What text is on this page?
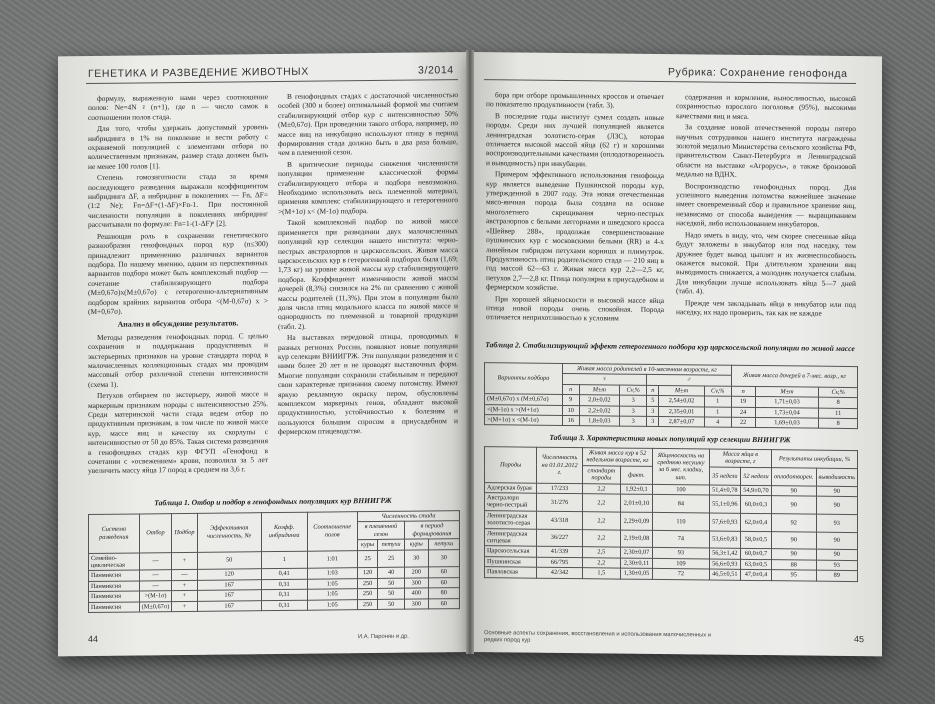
ГЕНЕТИКА И РАЗВЕДЕНИЕ ЖИВОТНЫХ	3/2014

формулу, выраженную нами через соотношение полов: Ne=4N♀(n+1), где n — число самок в соотношении полов стада.

Для того, чтобы удержать допустимый уровень инбридинга в 1% на поколение и вести работу с охраняемой популяцией с элементами отбора по количественным признакам, размер стада должен быть не менее 100 голов [1].

Степень гомозиготности стада за время последующего разведения выражали коэффициентом инбридинга ΔF, а инбридинг в поколениях — Fn, ΔF=(1:2 Ne); Fn=ΔF+(1-ΔF)×Fn-1. При постоянной численности популяции в поколениях инбридинг рассчитывали по формуле: Fn=1-(1-ΔF)ⁿ [2].

Решающая роль в сохранении генетического разнообразия генофондных пород кур (n≤300) принадлежит применению различных вариантов подбора. По нашему мнению, одним из перспективных вариантов подбора может быть комплексный подбор — сочетание стабилизирующего подбора (M±0,67σ)x(M±0,67σ) с гетерогенно-альтернативным подбором крайних вариантов отбора <(M-0,67σ) x > (M+0,67σ).

Анализ и обсуждение результатов.

Методы разведения генофондных пород. С целью сохранения и поддержания продуктивных и экстерьерных признаков на уровне стандарта пород в малочисленных коллекционных стадах мы проводим массовый отбор различной степени интенсивности (схема 1).

Петухов отбираем по экстерьеру, живой массе и маркерным признакам породы с интенсивностью 25%. Среди материнской части стада ведем отбор по продуктивным признакам, в том числе по живой массе кур, массе яиц и качеству их скорлупы с интенсивностью от 50 до 85%. Такая система разведения в генофондных стадах кур ФГУП «Генофонд в сочетании с «освежением» крови, позволила за 5 лет увеличить массу яйца 17 пород в среднем на 3,6 г.

В генофондных стадах с достаточной численностью особей (300 и более) оптимальный формой мы считаем стабилизирующий отбор кур с интенсивностью 50% (M±0,67σ). При проведении такого отбора, например, по массе яиц на инкубацию используют птицу в период формирования стада должно быть в два раза больше, чем в племенной сезон.

В критические периоды снижения численности популяции применение классической формы стабилизирующего отбора и подбора невозможно. Необходимо использовать весь племенной материал, применяя комплекс стабилизирующего и гетерогенного >(M+1σ) x< (M-1σ) подбора.

Такой комплексный подбор по живой массе применяется при разведении двух малочисленных популяций кур селекции нашего института: черно-пестрых австралорпов и царскосельских. Живая масса царскосельских кур в гетерогенной подборах была (1,69; 1,73 кг) на уровне живой массы кур стабилизирующего подбора. Коэффициент изменчивости живой массы дочерей (8,3%) снизился на 2% по сравнению с живой массы родителей (11,3%). При этом в популяции было доля числа птиц модального класса по живой массе и однородность по племенной и товарной продукции (табл. 2).

На выставках передовой птицы, проводимых в разных регионах России, появляют новые популяции кур селекции ВНИИГРЖ. Эти популяции разведения и с ними более 20 лет и не проводят выставочных форм. Многие популяции сохранили стабильным и передают свои характерные признания своему потомству. Имеют яркую рекламную окраску пером, обусловлены комплексом маркерных генов, обладают высокой продуктивностью, устойчивостью к болезням и пользуются большим спросом в приусадебном и фермерском птицеводстве.

Таблица 1. Отбор и подбор в генофондных популяциях кур ВНИИГРЖ
Система разведения	Отбор	Подбор	Эффективная численность, Ne	Коэфф. инбридинга	Соотношение полов	Численность стада			
						в племенной сезон		в период формирования	
						куры	петухи	куры	петухи
Семейно-циклическая	—	+	50	1	1:01	25	25	30	30
Панмиксия	—	—	120	0,41	1:03	120	40	200	60
Панмиксия	—	+	167	0,31	1:05	250	50	300	60
Панмиксия	>(M-1σ)	+	167	0,31	1:05	250	50	400	80
Панмиксия	(M±0,67σ)	+	167	0,31	1:05	250	50	300	60
44	И.А. Паронян и др.
Рубрика: Сохранение генофонда

бора при отборе промышленных кроссов и отвечает по показателю продуктивности (табл. 3).

В последние годы институт сумел создать новые породы. Среди них лучшей популяцией является ленинградская золотисто-серая (ЛЗС), которая отличается высокой массой яйца (62 г) и хорошими воспроизводительными качествами (оплодотворенность и выводимость) при инкубации.

Примером эффективного использования генофонда кур является выведение Пушкинской породы кур, утвержденной в 2007 году. Эта новая отечественная мясо-яичная порода была создана на основе многолетнего скрещивания черно-пестрых австралорпов с белыми леггорнами и шведского кросса «Шейвер 288», продолжая совершенствование пушкинских кур с московскими белыми (RR) и 4-х линейным гибридом петухами корнишх и плимутрок. Продуктивность птиц родительского стада — 210 яиц в год массой 62—63 г. Живая масса кур 2,2—2,5 кг, петухов 2,7—2,8 кг. Птица популярна в приусадебном и фермерском хозяйстве.

При хорошей яйценоскости и высокой массе яйца птица новой породы очень спокойная. Порода отличается неприхотливостью к условиям

содержания и кормления, выносливостью, высокой сохранностью взрослого поголовья (95%), высокими качествами яиц и мяса.

За создание новой отечественной породы пятеро научных сотрудников нашего института награждены золотой медалью Министерства сельского хозяйства РФ, правительством Санкт-Петербурга и Ленинградской области на выставке «Агрорусь», а также бронзовой медалью на ВДНХ.

Воспроизводство генофондных пород. Для успешного выведения потомства важнейшее значение имеет своевременный сбор и правильное хранение яиц, независимо от способа выведения — выращиванием наседкой, либо использованием инкубаторов.

Надо иметь в виду, что, чем скорее снесенные яйца будут заложены в инкубатор или под наседку, тем дружнее будет вывод цыплят и их жизнеспособность окажется высокой. При длительном хранении яиц выводимость снижается, а молодняк получается слабым. Для инкубации лучше использовать яйца 5—7 дней (табл. 4).

Прежде чем закладывать яйца в инкубатор или под наседку, их надо проверить, так как не каждое

Таблица 2. Стабилизирующий эффект гетерогенного подбора кур царскосельской популяции по живой массе
Варианты подбора	Живая масса родителей в 10-месячном возрасте, кг						Живая масса дочерей в 7-мес. возр., кг		
	♀			♂					
	n	M±m	Cv,%	n	M±m	Cv,%	n	M±m	Cv,%
(M±0,67σ) x (M±0,67σ)	9	2,0±0,02	3	5	2,54±0,02	1	19	1,71±0,03	8
<(M-1σ) x >(M+1σ)	10	2,2±0,02	3	3	2,35±0,01	1	24	1,73±0,04	11
>(M+1σ) x <(M-1σ)	16	1,8±0,03	3	3	2,87±0,07	4	22	1,69±0,03	8
Таблица 3. Характеристика новых популяций кур селекции ВНИИГРЖ
Породы	Численность на 01.01.2012 г.	Живая масса кур в 52 недельном возрасте, кг		Яйценоскость на среднюю несушку за 6 мес. кладки, шт.	Масса яйца в возрасте, г		Результаты инкубации, %	
		стандарт породы	факт.		35 недели	52 недели	оплодотворен.	выводимость
Адлерская бурая	17/233	2,2	1,92±0,1	100	51,4±0,78	54,9±0,70	90	90
Австралорп черно-пестрый	31/276	2,2	2,01±0,10	84	55,1±0,96	60,0±0,3	90	90
Ленинградская золотисто-серая	43/318	2,2	2,29±0,09	110	57,6±0,93	62,0±0,4	92	93
Ленинградская ситцевая	36/227	2,2	2,19±0,08	74	53,6±0,83	58,0±0,5	90	90
Царскосельская	41/339	2,5	2,30±0,07	93	56,3±1,42	60,0±0,7	90	90
Пушкинская	66/795	2,2	2,30±0,11	109	56,6±0,93	63,0±0,5	88	93
Павловская	42/342	1,5	1,30±0,05	72	46,5±0,51	47,0±0,4	95	89
Основные аспекты сохранения, восстановления и использования малочисленных и редких пород кур	45
